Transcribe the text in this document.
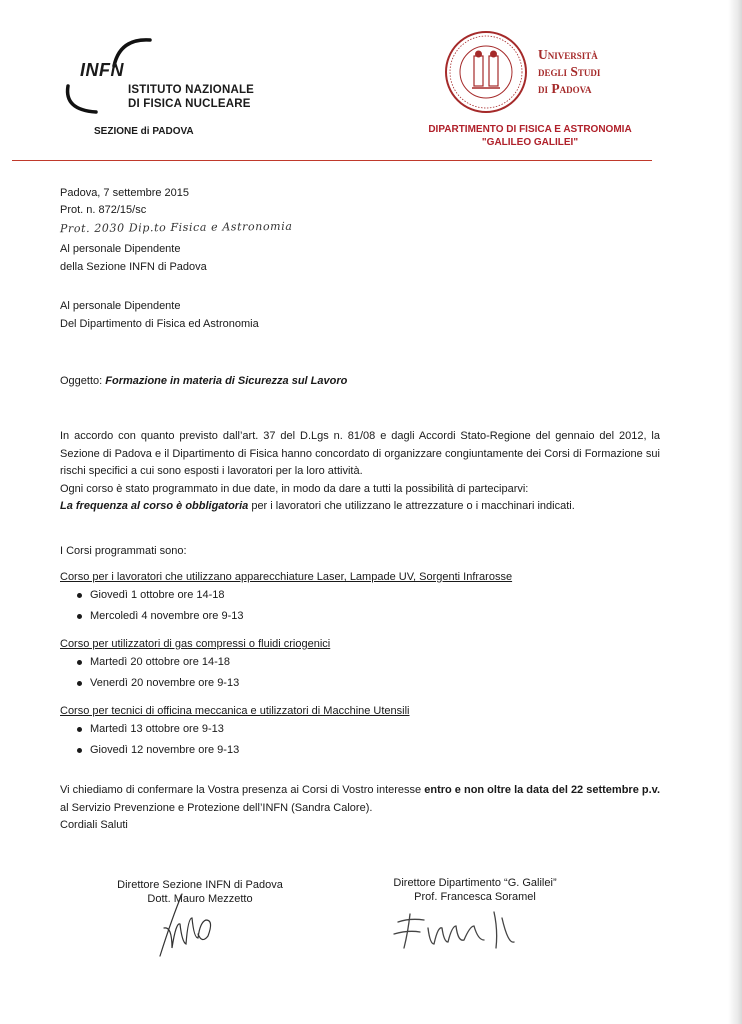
INFN
ISTITUTO NAZIONALE
DI FISICA NUCLEARE
SEZIONE di PADOVA
Università
degli Studi
di Padova
DIPARTIMENTO DI FISICA E ASTRONOMIA
"GALILEO GALILEI"
Padova, 7 settembre 2015
Prot. n. 872/15/sc
Prot. 2030 Dip.to Fisica e Astronomia
Al personale Dipendente
della Sezione INFN di Padova
Al personale Dipendente
Del Dipartimento di Fisica ed Astronomia
Oggetto: Formazione in materia di Sicurezza sul Lavoro

In accordo con quanto previsto dall’art. 37 del D.Lgs n. 81/08 e dagli Accordi Stato-Regione del gennaio del 2012, la Sezione di Padova e il Dipartimento di Fisica hanno concordato di organizzare congiuntamente dei Corsi di Formazione sui rischi specifici a cui sono esposti i lavoratori per la loro attività.

Ogni corso è stato programmato in due date, in modo da dare a tutti la possibilità di parteciparvi:

La frequenza al corso è obbligatoria per i lavoratori che utilizzano le attrezzature o i macchinari indicati.

I Corsi programmati sono:
Corso per i lavoratori che utilizzano apparecchiature Laser, Lampade UV, Sorgenti Infrarosse
Giovedì 1 ottobre ore 14-18
Mercoledì 4 novembre ore 9-13
Corso per utilizzatori di gas compressi o fluidi criogenici
Martedì 20 ottobre ore 14-18
Venerdì 20 novembre ore 9-13
Corso per tecnici di officina meccanica e utilizzatori di Macchine Utensili
Martedì 13 ottobre ore 9-13
Giovedì 12 novembre ore 9-13

Vi chiediamo di confermare la Vostra presenza ai Corsi di Vostro interesse entro e non oltre la data del 22 settembre p.v. al Servizio Prevenzione e Protezione dell’INFN (Sandra Calore).

Cordiali Saluti

Direttore Sezione INFN di Padova
Dott. Mauro Mezzetto
Direttore Dipartimento “G. Galilei”
Prof. Francesca Soramel
